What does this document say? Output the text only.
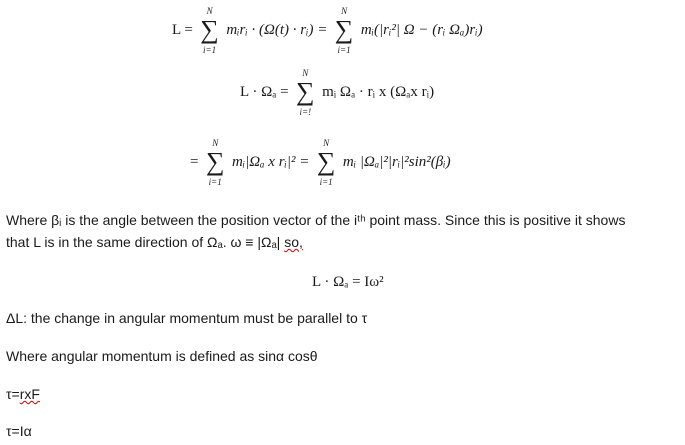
L =
N
∑
i=1
mᵢrᵢ · (Ω(t) · rᵢ) =
N
∑
i=1
mᵢ(|rᵢ²| Ω − (rᵢ Ωₐ)rᵢ)
L · Ωₐ =
N
∑
i=!
mᵢ Ωₐ · rᵢ x (Ωₐx rᵢ)
=
N
∑
i=1
mᵢ|Ωₐ x rᵢ|² =
N
∑
i=1
mᵢ |Ωₐ|²|rᵢ|²sin²(βᵢ)
Where βᵢ is the angle between the position vector of the iᵗʰ point mass. Since this is positive it shows
that L is in the same direction of Ωₐ. ω ≡ |Ωₐ| so,
L · Ωₐ = Iω²
ΔL: the change in angular momentum must be parallel to τ
Where angular momentum is defined as sinα cosθ
τ=rxF
τ=Iα
